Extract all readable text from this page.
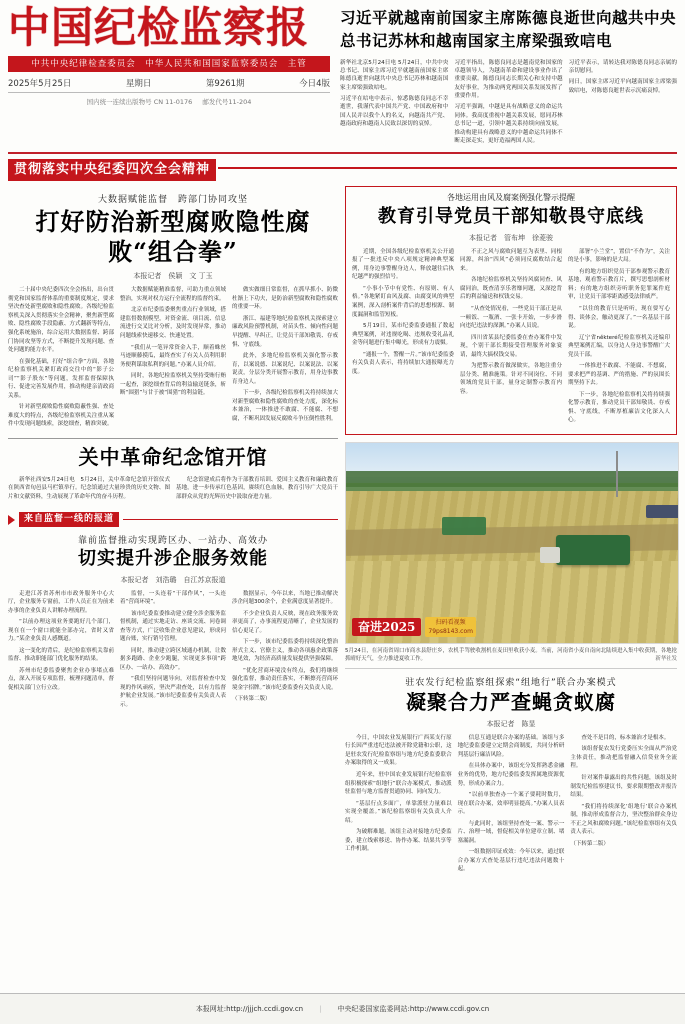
中国纪检监察报
中共中央纪律检查委员会　中华人民共和国国家监察委员会　主管
2025年5月25日	星期日	第9261期	今日4版
国内统一连续出版物号 CN 11-0176 邮发代号11-204
习近平就越南前国家主席陈德良逝世向越共中央总书记苏林和越南国家主席梁强致唁电

新华社北京5月24日电 5月24日，中共中央总书记、国家主席习近平就越南前国家主席陈德良逝世向越共中央总书记苏林和越南国家主席梁强致唁电。

习近平在唁电中表示，惊悉陈德良同志不幸逝世，我谨代表中国共产党、中国政府和中国人民并以我个人的名义，向越南共产党、越南政府和越南人民致以深切的哀悼。

习近平指出，陈德良同志是越南党和国家的卓越领导人，为越南革命和建设事业作出了重要贡献。陈德良同志长期关心和支持中越友好事业，为推动两党两国关系发展发挥了重要作用。

习近平强调，中越是具有战略意义的命运共同体。我高度重视中越关系发展，愿同苏林总书记一道，引领中越关系持续向前发展，推动构建具有战略意义的中越命运共同体不断走深走实，更好造福两国人民。

习近平表示，请转达我对陈德良同志亲属的亲切慰问。

同日，国家主席习近平向越南国家主席梁强致唁电，对陈德良逝世表示沉痛哀悼。

贯彻落实中央纪委四次全会精神
大数据赋能监督　跨部门协同攻坚
打好防治新型腐败隐性腐败“组合拳”
本报记者　侯颖　文 丁玉

二十届中央纪委四次全会指出，出台贯彻党和国家监督体系的重要制度规定，要求坚决查处新型腐败和隐性腐败。各级纪检监察机关深入贯彻落实全会精神，聚焦新型腐败、隐性腐败手段隐蔽、方式翻新等特点，强化系统施治，综合运用大数据监督、跨部门协同攻坚等方式，不断提升发现问题、查处问题的能力水平。

在强化基础，打好“组合拳”方面，各地纪检监察机关紧盯政商交往中的“影子公司”“影子股东”等问题，发挥监督保障执行、促进完善发展作用，推动构建亲清政商关系。

针对新型腐败隐性腐败隐蔽性强、查处难度大的特点，各级纪检监察机关注重从案件中发现问题线索，深挖细查，精准突破。

大数据赋能精准监督，可助力重点领域整治，实现对权力运行全流程的监督约束。

北京市纪委监委聚焦重点行业领域，搭建监督数据模型，对资金流、项目流、信息流进行交叉比对分析，及时发现异常，推动问题线索快速移交、快速处置。

“我们从一笔异常资金入手，顺着蛛丝马迹顺藤摸瓜，最终查实了有关人员利用职务便利谋取私利的问题。”办案人员介绍。

同时，各地纪检监察机关坚持受贿行贿一起查，深挖细查背后的利益输送链条，斩断“围猎”与甘于被“围猎”的利益链。

做实做细日常监督，在抓早抓小、防微杜渐上下功夫，是防治新型腐败和隐性腐败的重要一环。

浙江、福建等地纪检监察机关探索建立廉政风险预警机制，对苗头性、倾向性问题早提醒、早纠正，让党员干部知敬畏、存戒惧、守底线。

此外，多地纪检监察机关强化警示教育，以案说德、以案说纪、以案说法、以案说责，分层分类开展警示教育，用身边事教育身边人。

下一步，各级纪检监察机关将持续加大对新型腐败和隐性腐败的查处力度，深化标本兼治，一体推进不敢腐、不能腐、不想腐，不断巩固发展反腐败斗争压倒性胜利。

关中革命纪念馆开馆

新华社西安5月24日电　5月24日，关中革命纪念馆开馆仪式在陕西省旬邑县马栏镇举行。纪念馆通过大量珍贵的历史文物、图片和文献资料，生动展现了革命年代的奋斗历程。

纪念馆建成后将作为干部教育培训、爱国主义教育和廉政教育基地，进一步传承红色基因，赓续红色血脉，教育引导广大党员干部群众从党的光辉历史中汲取奋进力量。

来自监督一线的报道
靠前监督推动实现跨区办、一站办、高效办
切实提升涉企服务效能
本报记者　刘浩璐　自江苏京报道

走进江苏省苏州市市政务服务中心大厅，企业服务专窗前，工作人员正在为前来办事的企业负责人讲解办理流程。

“以前办理这项业务要跑好几个部门，现在在一个窗口就能全部办完，省时又省力。”某企业负责人感慨道。

这一变化的背后，是纪检监察机关靠前监督、推动职能部门优化服务的结果。

苏州市纪委监委聚焦企业办事堵点难点，深入开展专项监督，梳理问题清单，督促相关部门立行立改。

监督，一头连着“干部作风”，一头连着“营商环境”。

该市纪委监委推动建立健全涉企服务监督机制，通过实地走访、座谈交流、问卷调查等方式，广泛收集企业意见建议，形成问题台账，实行销号管理。

同时，推动建立跨区域通办机制，让数据多跑路、企业少跑腿，实现更多事项“跨区办、一站办、高效办”。

“我们坚持问题导向，对监督检查中发现的作风顽疾，坚决严肃查处，以有力监督护航企业发展。”该市纪委监委有关负责人表示。

数据显示，今年以来，当地已推动解决涉企问题300余个，企业满意度显著提升。

不少企业负责人反映，现在政务服务效率更高了，办事流程更清晰了，企业发展的信心更足了。

下一步，该市纪委监委将持续深化整治形式主义、官僚主义，推动各项惠企政策落地见效，为经济高质量发展提供坚强保障。

“优化营商环境没有终点，我们将继续强化监督，推动责任落实，不断擦亮营商环境金字招牌。”该市纪委监委有关负责人说。

（下转第二版）

各地运用由风及腐案例强化警示提醒
教育引导党员干部知敬畏守底线
本报记者　管布坤　徐菱骏

近期，全国各级纪检监察机关公开通报了一批违反中央八项规定精神典型案例，用身边事警醒身边人，释放越往后执纪越严的强烈信号。

“小事小节中有党性、有原则、有人格。”各地紧盯由风及腐、由腐变风的典型案例，深入剖析案件背后的思想根源、制度漏洞和监管短板。

5月19日，某市纪委监委通报了数起典型案例，对违规吃喝、违规收受礼品礼金等问题进行集中曝光，形成有力震慑。

“通报一个，警醒一片。”该市纪委监委有关负责人表示，将持续加大通报曝光力度。

不正之风与腐败问题互为表里、同根同源，纠治“四风”必须同反腐败结合起来。

各地纪检监察机关坚持风腐同查、风腐同治，既查清享乐奢靡问题，又深挖背后的利益输送和权钱交易。

“从查处情况看，一些党员干部正是从一顿饭、一瓶酒、一张卡开始，一步步滑向违纪违法的深渊。”办案人员说。

四川省某县纪委监委在查办案件中发现，个别干部长期接受管理服务对象宴请，最终大搞权钱交易。

为把警示教育做深做实，各地注重分层分类、精准施策。针对不同岗位、不同领域的党员干部，量身定制警示教育内容。

部署“小兰堂”，置信“不作为”，关注的是小事，影响的是大局。

有的地方组织党员干部参观警示教育基地，观看警示教育片，撰写思想剖析材料；有的地方组织旁听职务犯罪案件庭审，让党员干部零距离感受法律威严。

“以往的教育只是听听，现在要写心得、谈体会，触动更深了。”一名基层干部说。

辽宁省některé纪检监察机关还编印典型案例汇编，以身边人身边事警醒广大党员干部。

一体推进不敢腐、不能腐、不想腐，要求把严的基调、严的措施、严的氛围长期坚持下去。

下一步，各地纪检监察机关将持续强化警示教育，推动党员干部知敬畏、存戒惧、守底线，不断厚植廉洁文化深入人心。

奋进2025	扫码看视频
79ps8143.com
5月24日，在河南省周口市商水县舒庄乡，农机手驾驶收割机在麦田里收获小麦。当前，河南省小麦自南向北陆续进入集中收获期，各地抢抓晴好天气，全力推进夏收工作。	新华社发
驻农发行纪检监察组探索“组地行”联合办案模式
凝聚合力严查蝇贪蚁腐
本报记者　陈显

今日，中国农业发展银行广西某支行原行长因严重违纪违法被开除党籍和公职，这是驻农发行纪检监察组与地方纪委监委联合办案取得的又一成果。

近年来，驻中国农业发展银行纪检监察组积极探索“组地行”联合办案模式，推动派驻监督与地方监督贯通协同、同向发力。

“基层行点多面广，单靠派驻力量难以实现全覆盖。”该纪检监察组有关负责人介绍。

为破解难题，该组主动对接地方纪委监委，建立线索移送、协作办案、结果共享等工作机制。

信息互通是联合办案的基础。该组与多地纪委监委建立定期会商制度，共同分析研判基层行廉洁风险。

在具体办案中，该组充分发挥熟悉金融业务的优势，地方纪委监委发挥属地资源优势，形成办案合力。

“以前单独查办一个案子要耗时数月，现在联合办案，效率明显提高。”办案人员表示。

与此同时，该组坚持查处一案、警示一片、治理一域，督促相关单位建章立制、堵塞漏洞。

一组数据印证成效：今年以来，通过联合办案方式查处基层行违纪违法问题数十起。

查处不是目的，标本兼治才是根本。

该组督促农发行党委压实全面从严治党主体责任，推动把监督融入信贷业务全流程。

针对案件暴露出的共性问题，该组及时制发纪检监察建议书，要求限期整改并报告结果。

“我们将持续深化‘组地行’联合办案机制，推动形成监督合力，坚决整治群众身边不正之风和腐败问题。”该纪检监察组有关负责人表示。

（下转第二版）

本报网址:http://jjjch.ccdi.gov.cn | 中央纪委国家监委网站:http://www.ccdi.gov.cn
